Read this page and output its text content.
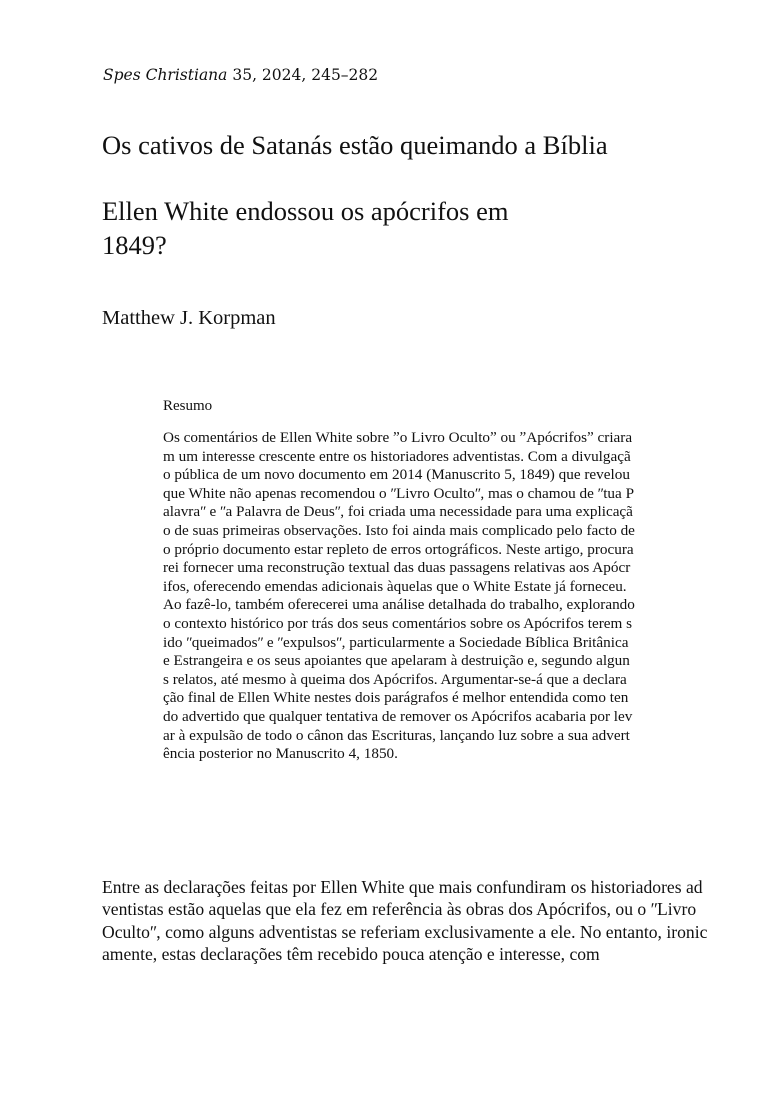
Spes Christiana 35, 2024, 245–282
Os cativos de Satanás estão queimando a Bíblia
Ellen White endossou os apócrifos em
1849?
Matthew J. Korpman
Resumo
Os comentários de Ellen White sobre ˮo Livro Ocultoˮ ou ˮApócrifosˮ criara
m um interesse crescente entre os historiadores adventistas. Com a divulgaçã
o pública de um novo documento em 2014 (Manuscrito 5, 1849) que revelou
que White não apenas recomendou o ʺLivro Ocultoʺ, mas o chamou de ʺtua P
alavraʺ e ʺa Palavra de Deusʺ, foi criada uma necessidade para uma explicaçã
o de suas primeiras observações. Isto foi ainda mais complicado pelo facto de
o próprio documento estar repleto de erros ortográficos. Neste artigo, procura
rei fornecer uma reconstrução textual das duas passagens relativas aos Apócr
ifos, oferecendo emendas adicionais àquelas que o White Estate já forneceu.
Ao fazê-lo, também oferecerei uma análise detalhada do trabalho, explorando
o contexto histórico por trás dos seus comentários sobre os Apócrifos terem s
ido ʺqueimadosʺ e ʺexpulsosʺ, particularmente a Sociedade Bíblica Britânica
e Estrangeira e os seus apoiantes que apelaram à destruição e, segundo algun
s relatos, até mesmo à queima dos Apócrifos. Argumentar-se-á que a declara
ção final de Ellen White nestes dois parágrafos é melhor entendida como ten
do advertido que qualquer tentativa de remover os Apócrifos acabaria por lev
ar à expulsão de todo o cânon das Escrituras, lançando luz sobre a sua advert
ência posterior no Manuscrito 4, 1850.
Entre as declarações feitas por Ellen White que mais confundiram os historiadores ad
ventistas estão aquelas que ela fez em referência às obras dos Apócrifos, ou o ʺLivro
Ocultoʺ, como alguns adventistas se referiam exclusivamente a ele. No entanto, ironic
amente, estas declarações têm recebido pouca atenção e interesse, com
